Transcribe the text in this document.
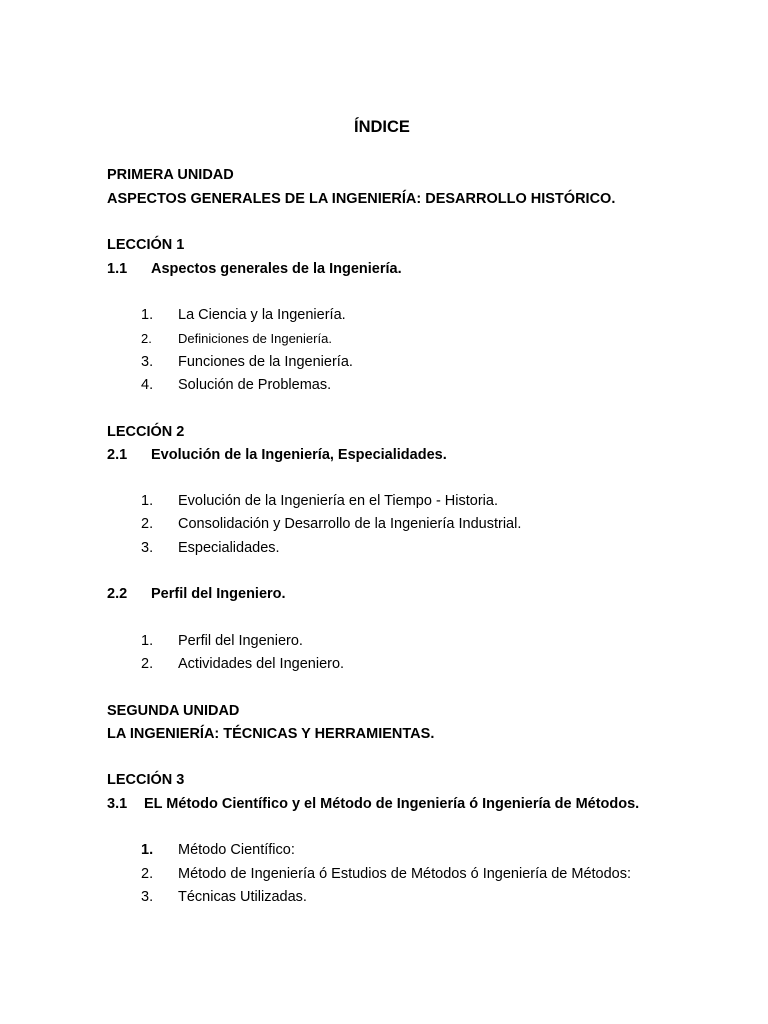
ÍNDICE
PRIMERA UNIDAD
ASPECTOS GENERALES DE LA INGENIERÍA: DESARROLLO HISTÓRICO.
LECCIÓN 1
1.1 Aspectos generales de la Ingeniería.
1. La Ciencia y la Ingeniería.
2. Definiciones de Ingeniería.
3. Funciones de la Ingeniería.
4. Solución de Problemas.
LECCIÓN 2
2.1 Evolución de la Ingeniería, Especialidades.
1. Evolución de la Ingeniería en el Tiempo - Historia.
2. Consolidación y Desarrollo de la Ingeniería Industrial.
3. Especialidades.
2.2 Perfil del Ingeniero.
1. Perfil del Ingeniero.
2. Actividades del Ingeniero.
SEGUNDA UNIDAD
LA INGENIERÍA: TÉCNICAS Y HERRAMIENTAS.
LECCIÓN 3
3.1 EL Método Científico y el Método de Ingeniería ó Ingeniería de Métodos.
1. Método Científico:
2. Método de Ingeniería ó Estudios de Métodos ó Ingeniería de Métodos:
3. Técnicas Utilizadas.
